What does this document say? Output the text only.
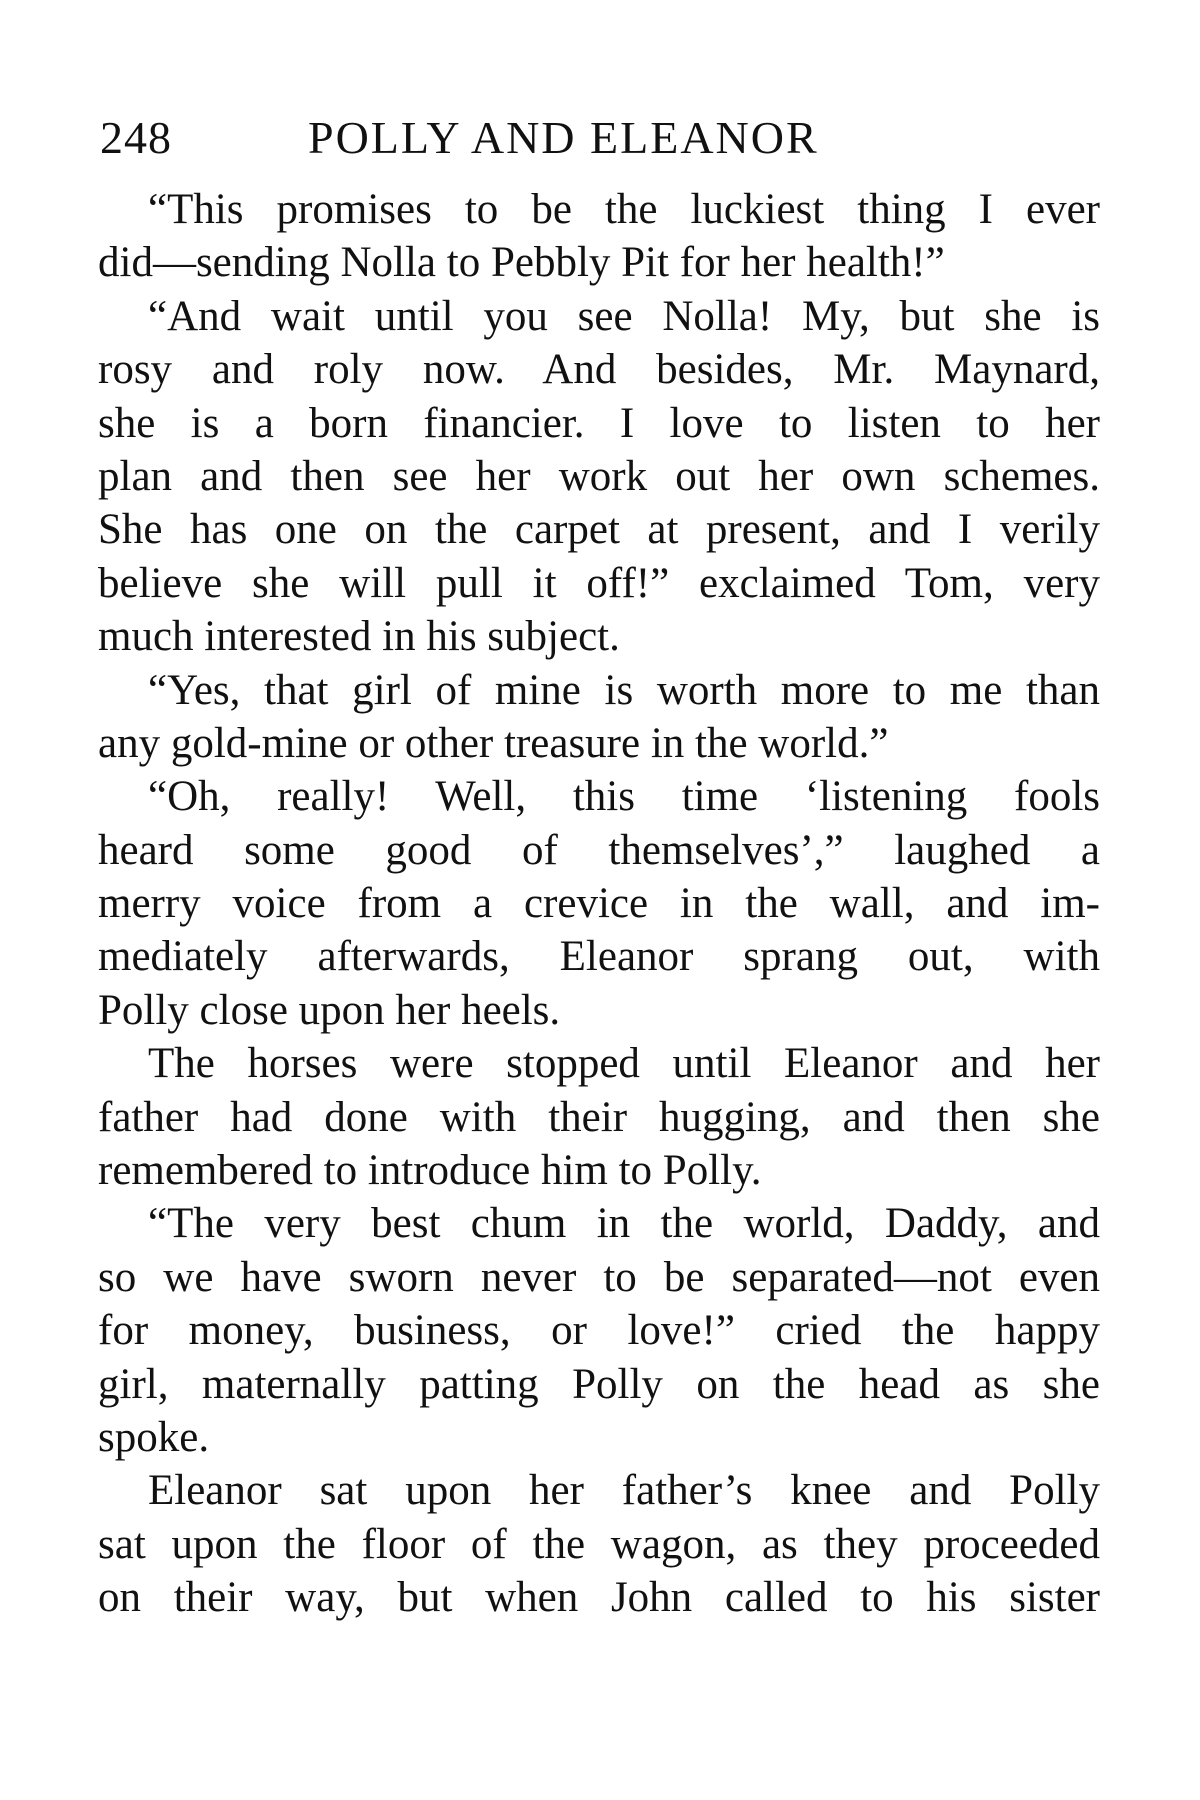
248	POLLY AND ELEANOR
“This promises to be the luckiest thing I ever
did—sending Nolla to Pebbly Pit for her health!”
“And wait until you see Nolla! My, but she is
rosy and roly now. And besides, Mr. Maynard,
she is a born financier. I love to listen to her
plan and then see her work out her own schemes.
She has one on the carpet at present, and I verily
believe she will pull it off!” exclaimed Tom, very
much interested in his subject.
“Yes, that girl of mine is worth more to me than
any gold-mine or other treasure in the world.”
“Oh, really! Well, this time ‘listening fools
heard some good of themselves’,” laughed a
merry voice from a crevice in the wall, and im-
mediately afterwards, Eleanor sprang out, with
Polly close upon her heels.
The horses were stopped until Eleanor and her
father had done with their hugging, and then she
remembered to introduce him to Polly.
“The very best chum in the world, Daddy, and
so we have sworn never to be separated—not even
for money, business, or love!” cried the happy
girl, maternally patting Polly on the head as she
spoke.
Eleanor sat upon her father’s knee and Polly
sat upon the floor of the wagon, as they proceeded
on their way, but when John called to his sister
